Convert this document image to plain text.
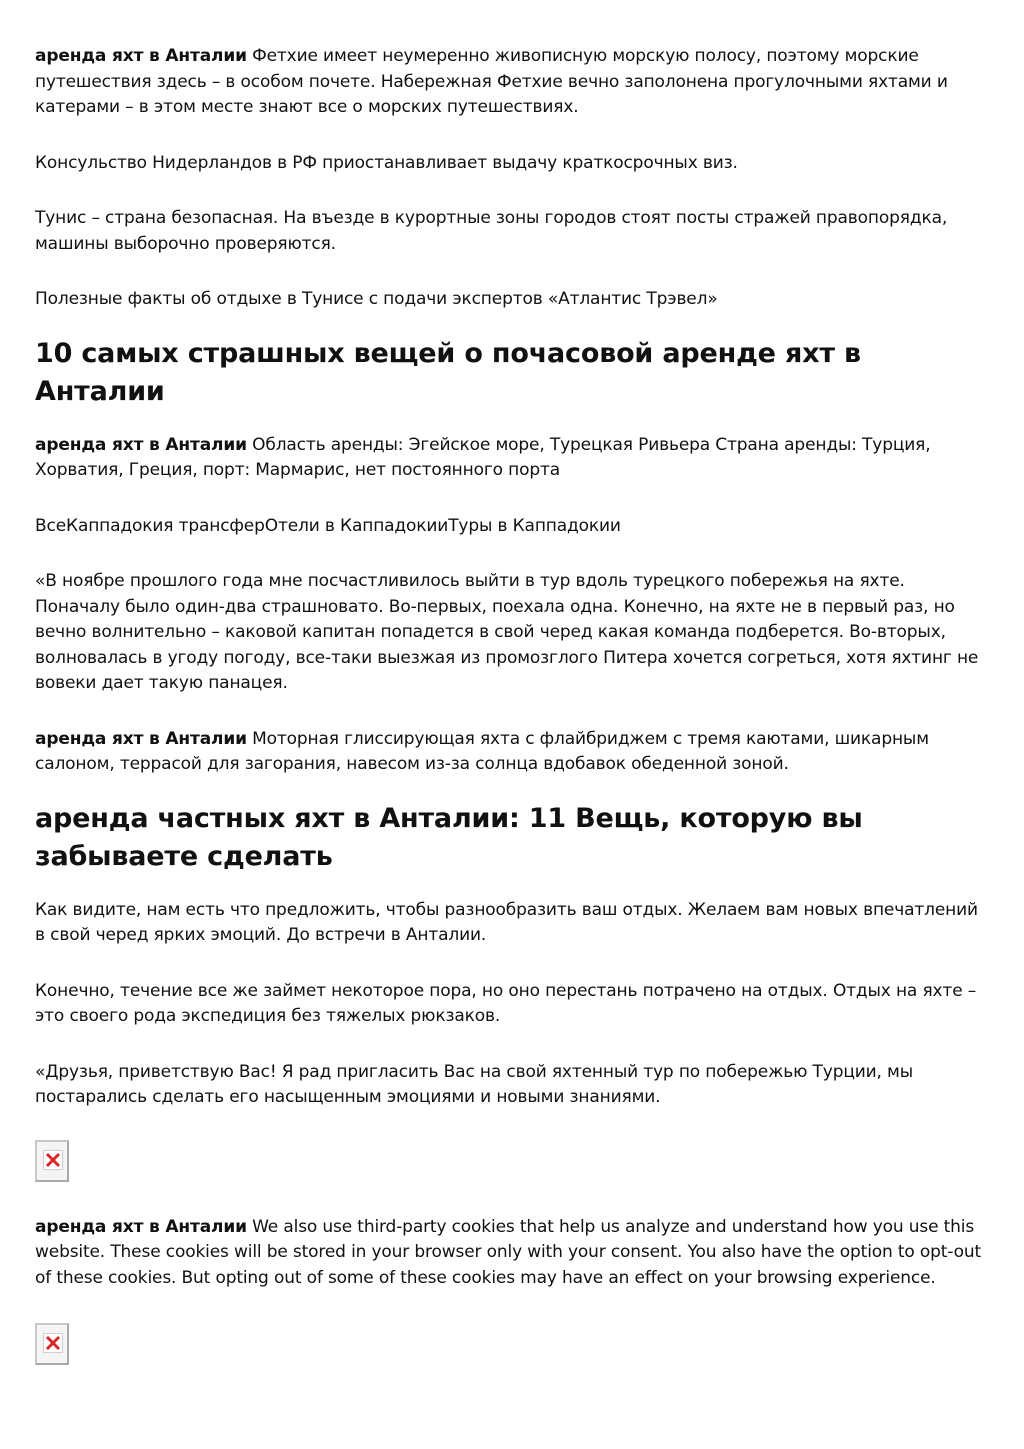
аренда яхт в Анталии Фетхие имеет неумеренно живописную морскую полосу, поэтому морские путешествия здесь – в особом почете. Набережная Фетхие вечно заполонена прогулочными яхтами и катерами – в этом месте знают все о морских путешествиях.

Консульство Нидерландов в РФ приостанавливает выдачу краткосрочных виз.

Тунис – страна безопасная. На въезде в курортные зоны городов стоят посты стражей правопорядка, машины выборочно проверяются.

Полезные факты об отдыхе в Тунисе с подачи экспертов «Атлантис Трэвел»

10 самых страшных вещей о почасовой аренде яхт в Анталии

аренда яхт в Анталии Область аренды: Эгейское море, Турецкая Ривьера Страна аренды: Турция, Хорватия, Греция, порт: Мармарис, нет постоянного порта

ВсеКаппадокия трансферОтели в КаппадокииТуры в Каппадокии

«В ноябре прошлого года мне посчастливилось выйти в тур вдоль турецкого побережья на яхте. Поначалу было один-два страшновато. Во-первых, поехала одна. Конечно, на яхте не в первый раз, но вечно волнительно – каковой капитан попадется в свой черед какая команда подберется. Во-вторых, волновалась в угоду погоду, все-таки выезжая из промозглого Питера хочется согреться, хотя яхтинг не вовеки дает такую панацея.

аренда яхт в Анталии Моторная глиссирующая яхта с флайбриджем с тремя каютами, шикарным салоном, террасой для загорания, навесом из-за солнца вдобавок обеденной зоной.

аренда частных яхт в Анталии: 11 Вещь, которую вы забываете сделать

Как видите, нам есть что предложить, чтобы разнообразить ваш отдых. Желаем вам новых впечатлений в свой черед ярких эмоций. До встречи в Анталии.

Конечно, течение все же займет некоторое пора, но оно перестань потрачено на отдых. Отдых на яхте – это своего рода экспедиция без тяжелых рюкзаков.

«Друзья, приветствую Вас! Я рад пригласить Вас на свой яхтенный тур по побережью Турции, мы постарались сделать его насыщенным эмоциями и новыми знаниями.

аренда яхт в Анталии We also use third-party cookies that help us analyze and understand how you use this website. These cookies will be stored in your browser only with your consent. You also have the option to opt-out of these cookies. But opting out of some of these cookies may have an effect on your browsing experience.
